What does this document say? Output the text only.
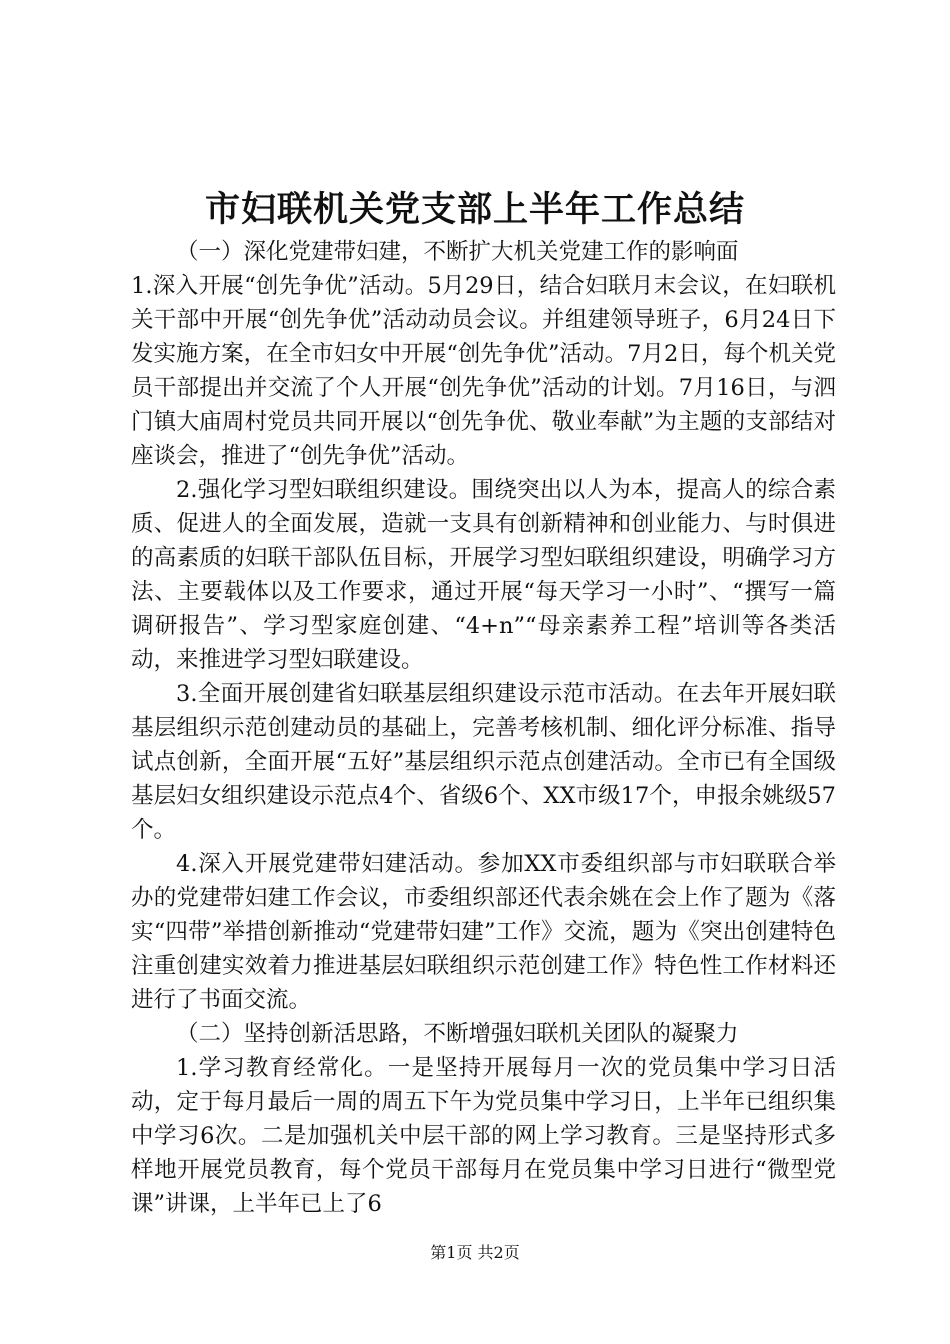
市妇联机关党支部上半年工作总结

（一）深化党建带妇建，不断扩大机关党建工作的影响面

1.深入开展“创先争优”活动。5月29日，结合妇联月末会议，在妇联机关干部中开展“创先争优”活动动员会议。并组建领导班子，6月24日下发实施方案，在全市妇女中开展“创先争优”活动。7月2日，每个机关党员干部提出并交流了个人开展“创先争优”活动的计划。7月16日，与泗门镇大庙周村党员共同开展以“创先争优、敬业奉献”为主题的支部结对座谈会，推进了“创先争优”活动。

2.强化学习型妇联组织建设。围绕突出以人为本，提高人的综合素质、促进人的全面发展，造就一支具有创新精神和创业能力、与时俱进的高素质的妇联干部队伍目标，开展学习型妇联组织建设，明确学习方法、主要载体以及工作要求，通过开展“每天学习一小时”、“撰写一篇调研报告”、学习型家庭创建、“4+n”“母亲素养工程”培训等各类活动，来推进学习型妇联建设。

3.全面开展创建省妇联基层组织建设示范市活动。在去年开展妇联基层组织示范创建动员的基础上，完善考核机制、细化评分标准、指导试点创新，全面开展“五好”基层组织示范点创建活动。全市已有全国级基层妇女组织建设示范点4个、省级6个、XX市级17个，申报余姚级57个。

4.深入开展党建带妇建活动。参加XX市委组织部与市妇联联合举办的党建带妇建工作会议，市委组织部还代表余姚在会上作了题为《落实“四带”举措创新推动“党建带妇建”工作》交流，题为《突出创建特色注重创建实效着力推进基层妇联组织示范创建工作》特色性工作材料还进行了书面交流。

（二）坚持创新活思路，不断增强妇联机关团队的凝聚力

1.学习教育经常化。一是坚持开展每月一次的党员集中学习日活动，定于每月最后一周的周五下午为党员集中学习日，上半年已组织集中学习6次。二是加强机关中层干部的网上学习教育。三是坚持形式多样地开展党员教育，每个党员干部每月在党员集中学习日进行“微型党课”讲课，上半年已上了6

第1页 共2页
